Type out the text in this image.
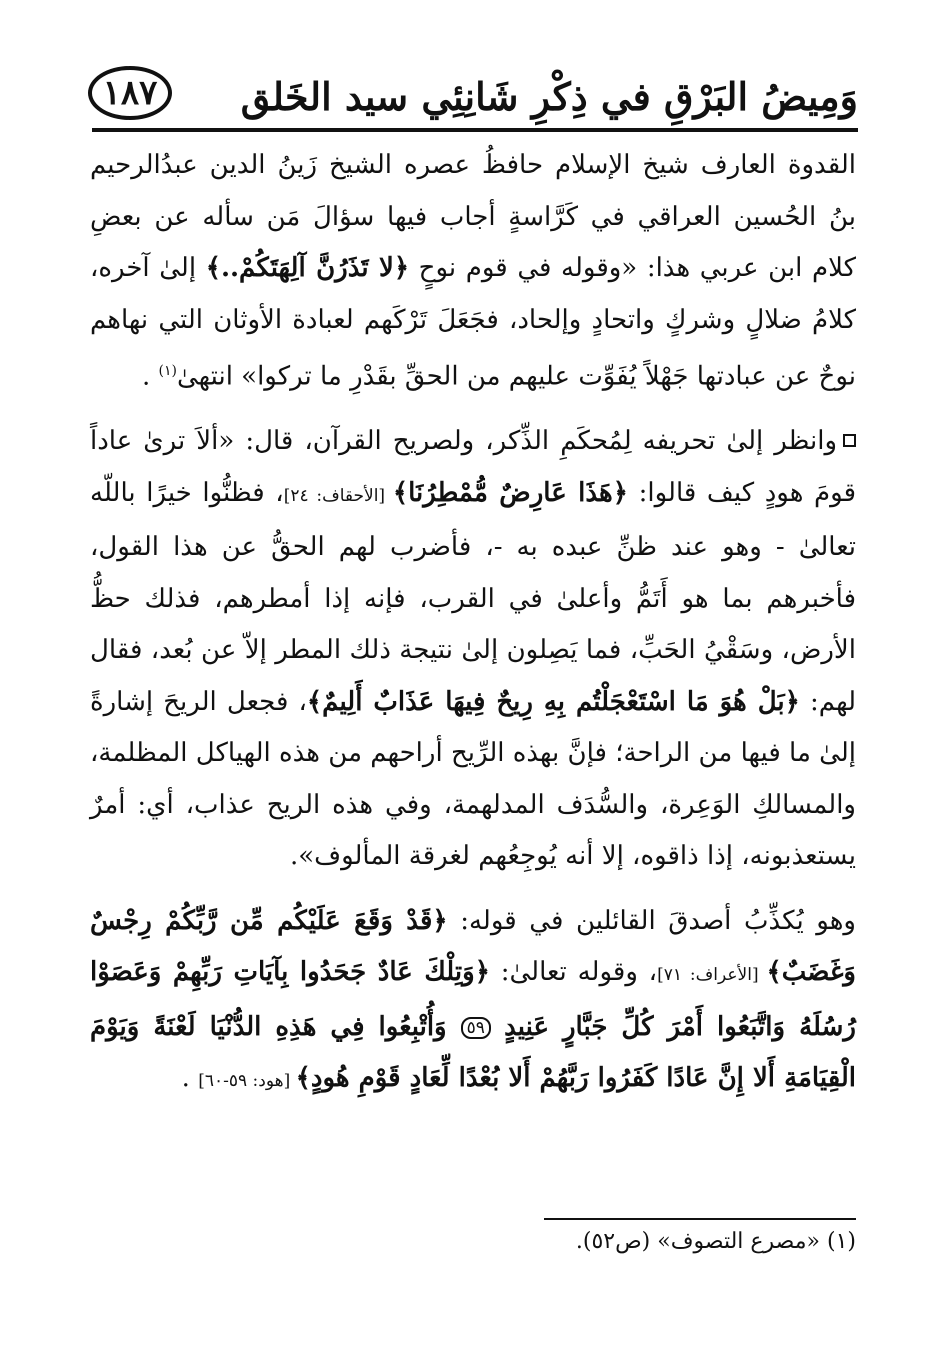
وَمِيضُ البَرْقِ في ذِكْرِ شَانِئِي سيد الخَلق
١٨٧

القدوة العارف شيخ الإسلام حافظُ عصره الشيخ زَينُ الدين عبدُالرحيم بنُ الحُسين العراقي في كَرَّاسةٍ أجاب فيها سؤالَ مَن سأله عن بعضِ كلام ابن عربي هذا: «وقوله في قوم نوحٍ ﴿لا تَذَرُنَّ آلِهَتَكُمْ..﴾ إلىٰ آخره، كلامُ ضلالٍ وشركٍ واتحادٍ وإلحاد، فجَعَلَ تَرْكَهم لعبادة الأوثان التي نهاهم نوحٌ عن عبادتها جَهْلاً يُفَوِّت عليهم من الحقِّ بقَدْرِ ما تركوا» انتهىٰ$^{(١)}$ .

وانظر إلىٰ تحريفه لِمُحكَمِ الذِّكر، ولصريح القرآن، قال: «ألاَ ترىٰ عاداً قومَ هودٍ كيف قالوا: ﴿هَذَا عَارِضٌ مُّمْطِرُنَا﴾ [الأحقاف: ٢٤]، فظنُّوا خيرًا باللّه تعالىٰ - وهو عند ظنِّ عبده به -، فأضرب لهم الحقُّ عن هذا القول، فأخبرهم بما هو أَتَمُّ وأعلىٰ في القرب، فإنه إذا أمطرهم، فذلك حظُّ الأرض، وسَقْيُ الحَبِّ، فما يَصِلون إلىٰ نتيجة ذلك المطر إلاّ عن بُعد، فقال لهم: ﴿بَلْ هُوَ مَا اسْتَعْجَلْتُم بِهِ رِيحٌ فِيهَا عَذَابٌ أَلِيمٌ﴾، فجعل الريحَ إشارةً إلىٰ ما فيها من الراحة؛ فإنَّ بهذه الرِّيح أراحهم من هذه الهياكل المظلمة، والمسالكِ الوَعِرة، والسُّدَف المدلهمة، وفي هذه الريح عذاب، أي: أمرٌ يستعذبونه، إذا ذاقوه، إلا أنه يُوجِعُهم لغرقة المألوف».

وهو يُكذِّبُ أصدقَ القائلين في قوله: ﴿قَدْ وَقَعَ عَلَيْكُم مِّن رَّبِّكُمْ رِجْسٌ وَغَضَبٌ﴾ [الأعراف: ٧١]، وقوله تعالىٰ: ﴿وَتِلْكَ عَادٌ جَحَدُوا بِآيَاتِ رَبِّهِمْ وَعَصَوْا رُسُلَهُ وَاتَّبَعُوا أَمْرَ كُلِّ جَبَّارٍ عَنِيدٍ ٥٩ وَأُتْبِعُوا فِي هَذِهِ الدُّنْيَا لَعْنَةً وَيَوْمَ الْقِيَامَةِ أَلا إِنَّ عَادًا كَفَرُوا رَبَّهُمْ أَلا بُعْدًا لِّعَادٍ قَوْمِ هُودٍ﴾ [هود: ٥٩-٦٠] .

(١) «مصرع التصوف» (ص٥٢).
